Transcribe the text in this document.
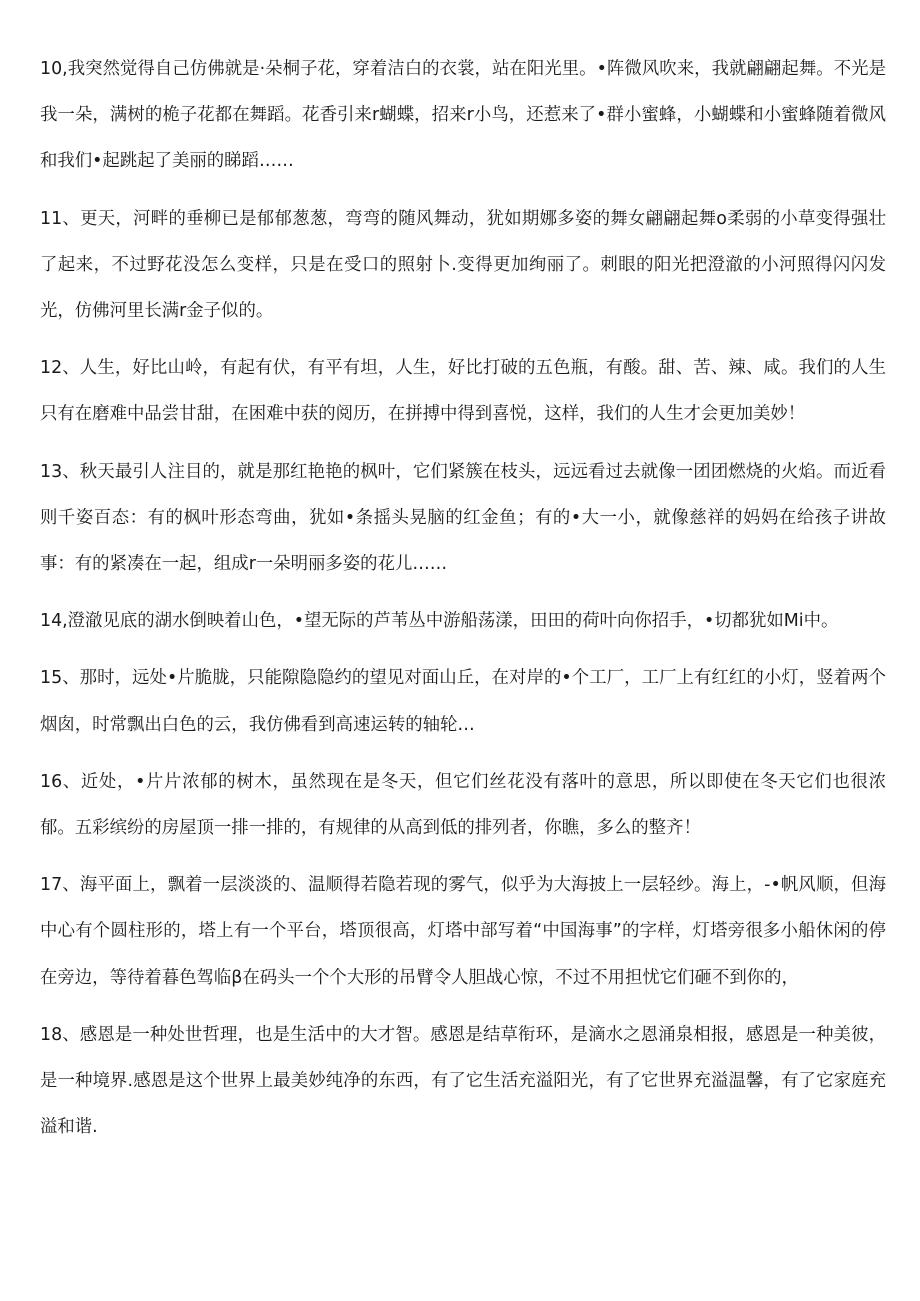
10,我突然觉得自己仿佛就是·朵桐子花，穿着洁白的衣裳，站在阳光里。•阵微风吹来，我就翩翩起舞。不光是我一朵，满树的桅子花都在舞蹈。花香引来r蝴蝶，招来r小鸟，还惹来了•群小蜜蜂，小蝴蝶和小蜜蜂随着微风和我们•起跳起了美丽的睇蹈……

11、更天，河畔的垂柳已是郁郁葱葱，弯弯的随风舞动，犹如期娜多姿的舞女翩翩起舞o柔弱的小草变得强壮了起来，不过野花没怎么变样，只是在受口的照射卜.变得更加绚丽了。刺眼的阳光把澄澈的小河照得闪闪发光，仿佛河里长满r金子似的。

12、人生，好比山岭，有起有伏，有平有坦，人生，好比打破的五色瓶，有酸。甜、苦、辣、咸。我们的人生只有在磨难中品尝甘甜，在困难中获的阅历，在拼搏中得到喜悦，这样，我们的人生才会更加美妙！

13、秋天最引人注目的，就是那红艳艳的枫叶，它们紧簇在枝头，远远看过去就像一团团燃烧的火焰。而近看则千姿百态：有的枫叶形态弯曲，犹如•条摇头晃脑的红金鱼；有的•大一小，就像慈祥的妈妈在给孩子讲故事：有的紧凑在一起，组成r一朵明丽多姿的花儿……

14,澄澈见底的湖水倒映着山色，•望无际的芦苇丛中游船荡漾，田田的荷叶向你招手，•切都犹如Mi中。

15、那时，远处•片脆胧，只能隙隐隐约的望见对面山丘，在对岸的•个工厂，工厂上有红红的小灯，竖着两个烟囱，时常飘出白色的云，我仿佛看到高速运转的轴轮…

16、近处，•片片浓郁的树木，虽然现在是冬天，但它们丝花没有落叶的意思，所以即使在冬天它们也很浓郁。五彩缤纷的房屋顶一排一排的，有规律的从高到低的排列者，你瞧，多么的整齐！

17、海平面上，飘着一层淡淡的、温顺得若隐若现的雾气，似乎为大海披上一层轻纱。海上，-•帆风顺，但海中心有个圆柱形的，塔上有一个平台，塔顶很高，灯塔中部写着“中国海事”的字样，灯塔旁很多小船休闲的停在旁边，等待着暮色驾临β在码头一个个大形的吊臂令人胆战心惊，不过不用担忧它们砸不到你的，

18、感恩是一种处世哲理，也是生活中的大才智。感恩是结草衔环，是滴水之恩涌泉相报，感恩是一种美彼，是一种境界.感恩是这个世界上最美妙纯净的东西，有了它生活充溢阳光，有了它世界充溢温馨，有了它家庭充溢和谐.
